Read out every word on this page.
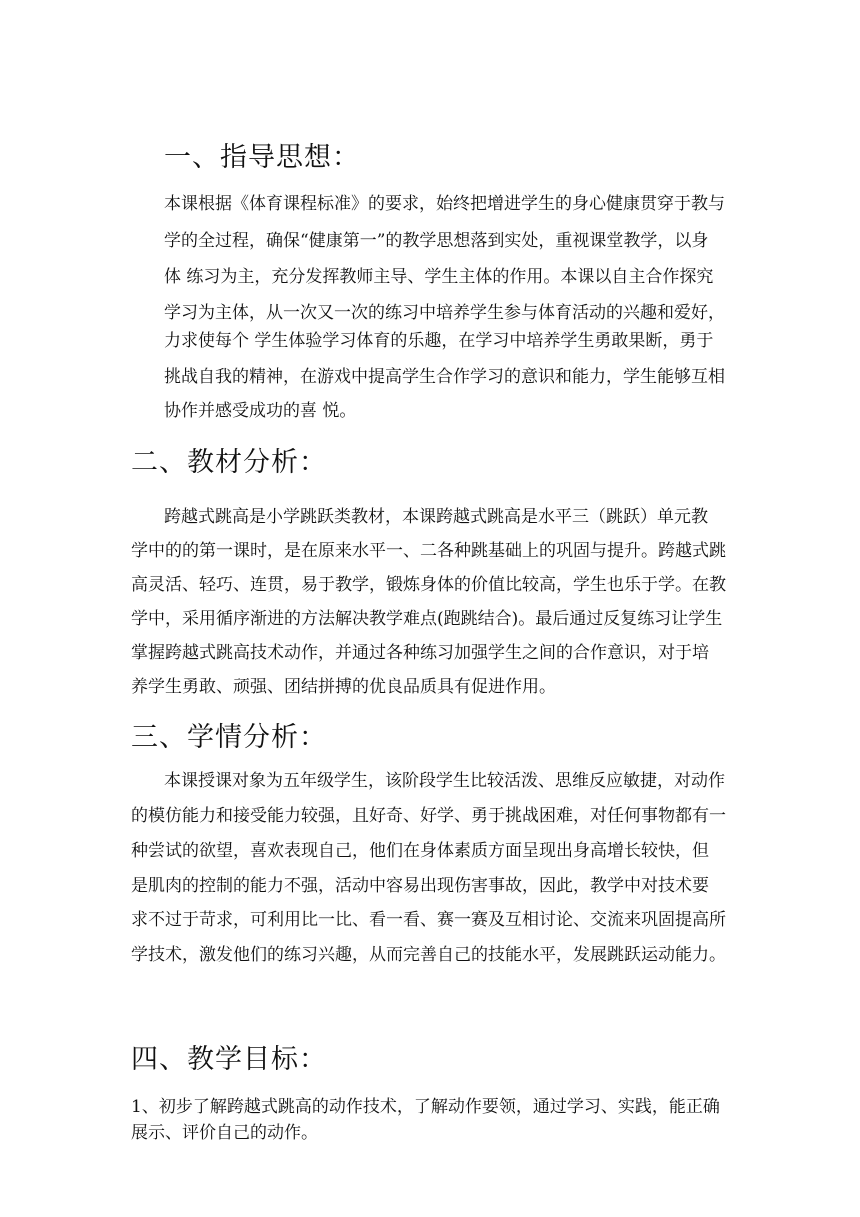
一、指导思想：

本课根据《体育课程标准》的要求，始终把增进学生的身心健康贯穿于教与

学的全过程，确保“健康第一”的教学思想落到实处，重视课堂教学，以身

体 练习为主，充分发挥教师主导、学生主体的作用。本课以自主合作探究

学习为主体，从一次又一次的练习中培养学生参与体育活动的兴趣和爱好，

力求使每个 学生体验学习体育的乐趣，在学习中培养学生勇敢果断，勇于

挑战自我的精神，在游戏中提高学生合作学习的意识和能力，学生能够互相

协作并感受成功的喜 悦。

二、教材分析：

跨越式跳高是小学跳跃类教材，本课跨越式跳高是水平三（跳跃）单元教

学中的的第一课时，是在原来水平一、二各种跳基础上的巩固与提升。跨越式跳

高灵活、轻巧、连贯，易于教学，锻炼身体的价值比较高，学生也乐于学。在教

学中，采用循序渐进的方法解决教学难点(跑跳结合)。最后通过反复练习让学生

掌握跨越式跳高技术动作，并通过各种练习加强学生之间的合作意识，对于培

养学生勇敢、顽强、团结拼搏的优良品质具有促进作用。

三、学情分析：

本课授课对象为五年级学生，该阶段学生比较活泼、思维反应敏捷，对动作

的模仿能力和接受能力较强，且好奇、好学、勇于挑战困难，对任何事物都有一

种尝试的欲望，喜欢表现自己，他们在身体素质方面呈现出身高增长较快，但

是肌肉的控制的能力不强，活动中容易出现伤害事故，因此，教学中对技术要

求不过于苛求，可利用比一比、看一看、赛一赛及互相讨论、交流来巩固提高所

学技术，激发他们的练习兴趣，从而完善自己的技能水平，发展跳跃运动能力。

四、教学目标：

1、初步了解跨越式跳高的动作技术，了解动作要领，通过学习、实践，能正确

展示、评价自己的动作。
